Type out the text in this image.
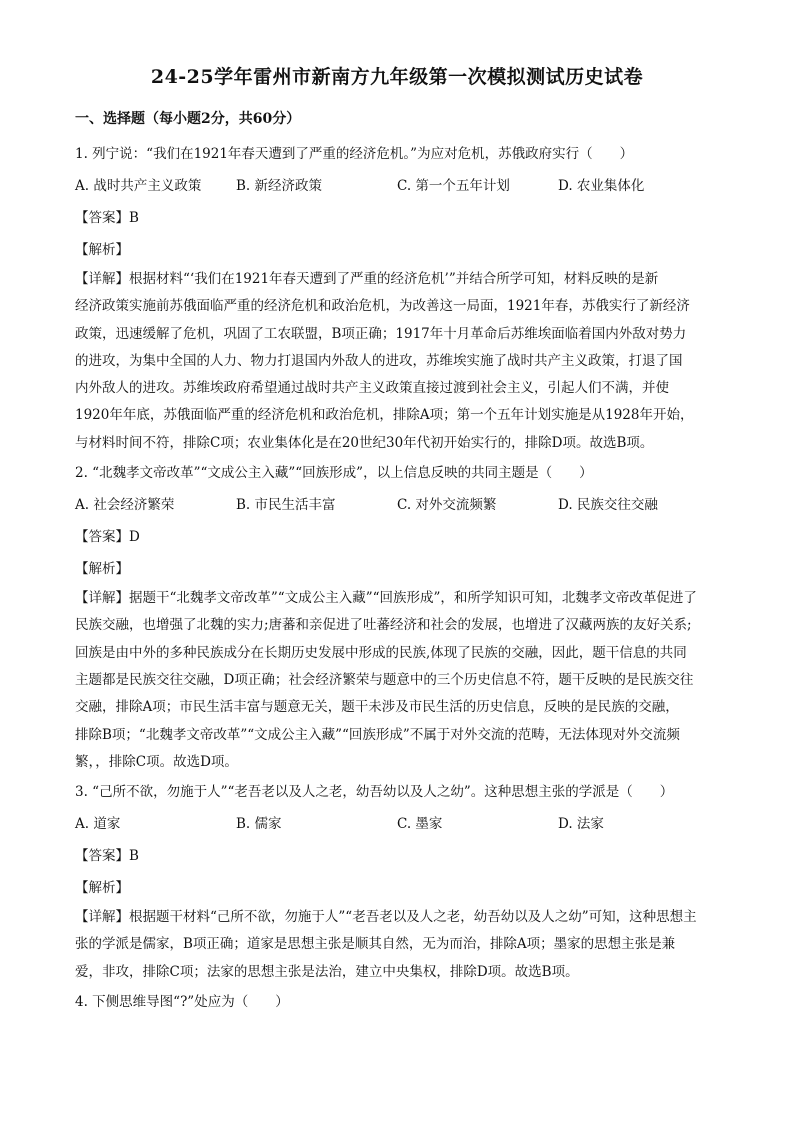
24-25学年雷州市新南方九年级第一次模拟测试历史试卷
一、选择题（每小题2分，共60分）

1. 列宁说：“我们在1921年春天遭到了严重的经济危机。”为应对危机，苏俄政府实行（　　）

A. 战时共产主义政策	B. 新经济政策	C. 第一个五年计划	D. 农业集体化

【答案】B

【解析】

【详解】根据材料“‘我们在1921年春天遭到了严重的经济危机’”并结合所学可知，材料反映的是新
经济政策实施前苏俄面临严重的经济危机和政治危机，为改善这一局面，1921年春，苏俄实行了新经济
政策，迅速缓解了危机，巩固了工农联盟，B项正确；1917年十月革命后苏维埃面临着国内外敌对势力
的进攻，为集中全国的人力、物力打退国内外敌人的进攻，苏维埃实施了战时共产主义政策，打退了国
内外敌人的进攻。苏维埃政府希望通过战时共产主义政策直接过渡到社会主义，引起人们不满，并使
1920年年底，苏俄面临严重的经济危机和政治危机，排除A项；第一个五年计划实施是从1928年开始，
与材料时间不符，排除C项；农业集体化是在20世纪30年代初开始实行的，排除D项。故选B项。

2. “北魏孝文帝改革”“文成公主入藏”“回族形成”，以上信息反映的共同主题是（　　）

A. 社会经济繁荣	B. 市民生活丰富	C. 对外交流频繁	D. 民族交往交融

【答案】D

【解析】

【详解】据题干“北魏孝文帝改革”“文成公主入藏”“回族形成”，和所学知识可知，北魏孝文帝改革促进了
民族交融，也增强了北魏的实力;唐蕃和亲促进了吐蕃经济和社会的发展，也增进了汉藏两族的友好关系;
回族是由中外的多种民族成分在长期历史发展中形成的民族,体现了民族的交融，因此，题干信息的共同
主题都是民族交往交融，D项正确；社会经济繁荣与题意中的三个历史信息不符，题干反映的是民族交往
交融，排除A项；市民生活丰富与题意无关，题干未涉及市民生活的历史信息，反映的是民族的交融，
排除B项；“北魏孝文帝改革”“文成公主入藏”“回族形成”不属于对外交流的范畴，无法体现对外交流频
繁，，排除C项。故选D项。

3. “己所不欲，勿施于人”“老吾老以及人之老，幼吾幼以及人之幼”。这种思想主张的学派是（　　）

A. 道家	B. 儒家	C. 墨家	D. 法家

【答案】B

【解析】

【详解】根据题干材料“己所不欲，勿施于人”“老吾老以及人之老，幼吾幼以及人之幼”可知，这种思想主
张的学派是儒家，B项正确；道家是思想主张是顺其自然，无为而治，排除A项；墨家的思想主张是兼
爱，非攻，排除C项；法家的思想主张是法治，建立中央集权，排除D项。故选B项。

4. 下侧思维导图“?”处应为（　　）
